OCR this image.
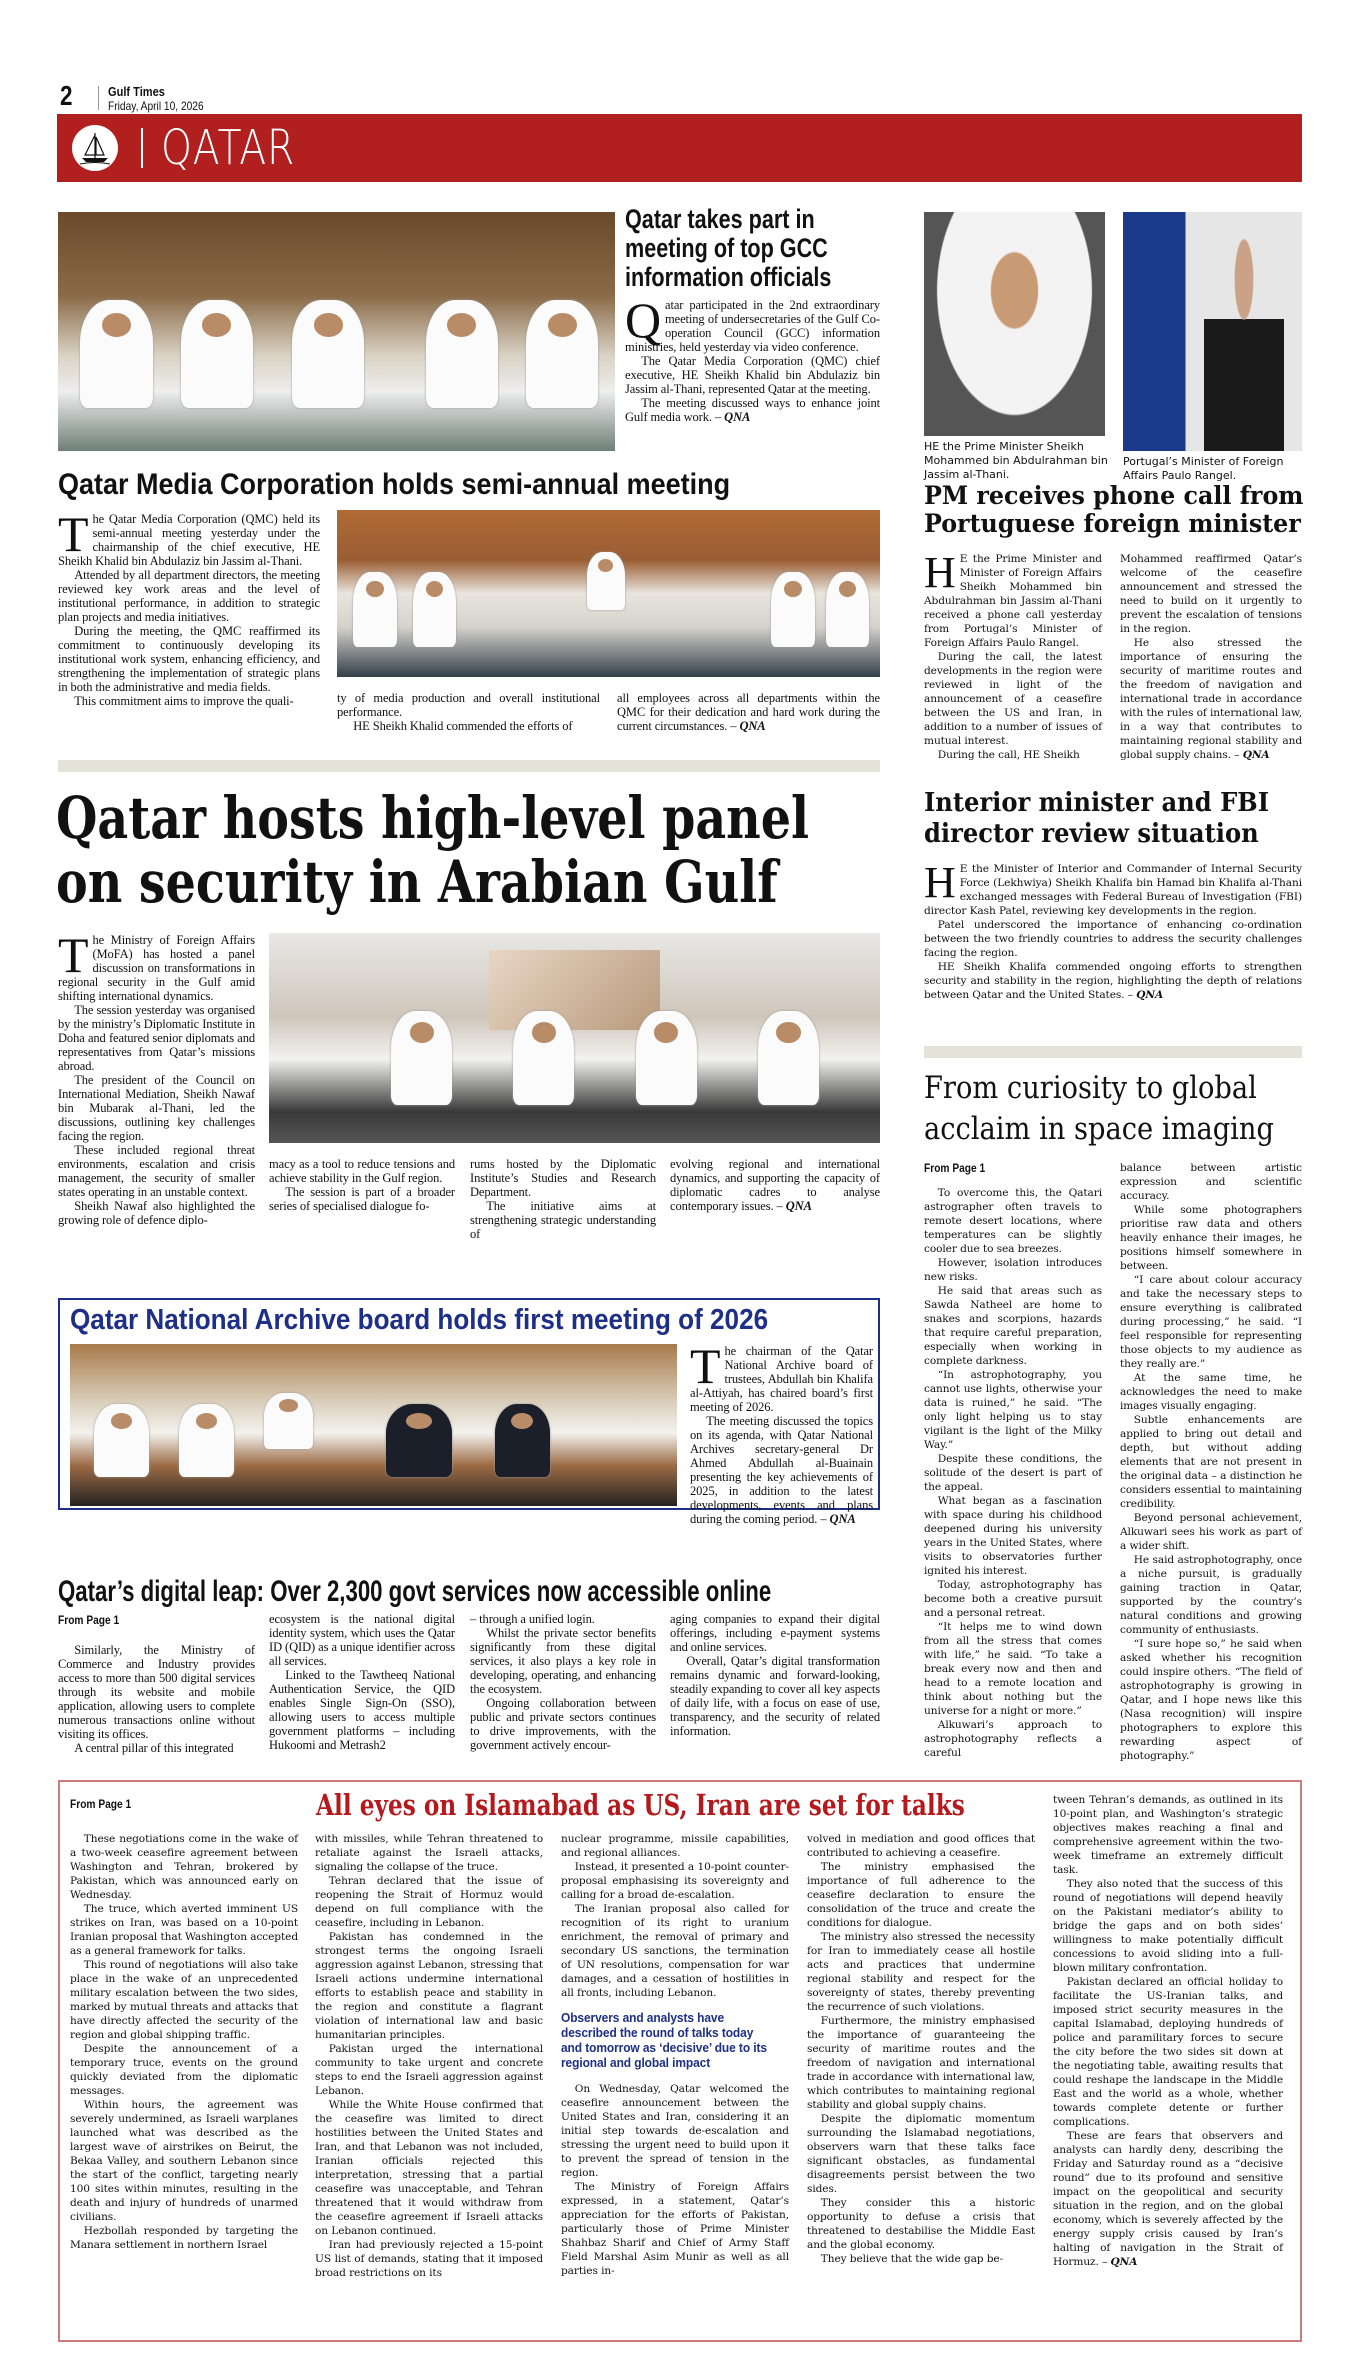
2	Gulf Times
Friday, April 10, 2026
QATAR
Qatar takes part in
meeting of top GCC
information officials

Qatar participated in the 2nd extraordinary meeting of undersecretaries of the Gulf Co-operation Council (GCC) information ministries, held yesterday via video conference.

The Qatar Media Corporation (QMC) chief executive, HE Sheikh Khalid bin Abdulaziz bin Jassim al-Thani, represented Qatar at the meeting.

The meeting discussed ways to enhance joint Gulf media work. – QNA

HE the Prime Minister Sheikh Mohammed bin Abdulrahman bin Jassim al-Thani.
Portugal’s Minister of Foreign Affairs Paulo Rangel.
Qatar Media Corporation holds semi-annual meeting

The Qatar Media Corporation (QMC) held its semi-annual meeting yesterday under the chairmanship of the chief executive, HE Sheikh Khalid bin Abdulaziz bin Jassim al-Thani.

Attended by all department directors, the meeting reviewed key work areas and the level of institutional performance, in addition to strategic plan projects and media initiatives.

During the meeting, the QMC reaffirmed its commitment to continuously developing its institutional work system, enhancing efficiency, and strengthening the implementation of strategic plans in both the administrative and media fields.

This commitment aims to improve the quali-	ty of media production and overall institutional performance.

HE Sheikh Khalid commended the efforts of

all employees across all departments within the QMC for their dedication and hard work during the current circumstances. – QNA

PM receives phone call from
Portuguese foreign minister

HE the Prime Minister and Minister of Foreign Affairs Sheikh Mohammed bin Abdulrahman bin Jassim al-Thani received a phone call yesterday from Portugal’s Minister of Foreign Affairs Paulo Rangel.

During the call, the latest developments in the region were reviewed in light of the announcement of a ceasefire between the US and Iran, in addition to a number of issues of mutual interest.

During the call, HE Sheikh

Mohammed reaffirmed Qatar’s welcome of the ceasefire announcement and stressed the need to build on it urgently to prevent the escalation of tensions in the region.

He also stressed the importance of ensuring the security of maritime routes and the freedom of navigation and international trade in accordance with the rules of international law, in a way that contributes to maintaining regional stability and global supply chains. – QNA

Interior minister and FBI
director review situation

HE the Minister of Interior and Commander of Internal Security Force (Lekhwiya) Sheikh Khalifa bin Hamad bin Khalifa al-Thani exchanged messages with Federal Bureau of Investigation (FBI) director Kash Patel, reviewing key developments in the region.

Patel underscored the importance of enhancing co-ordination between the two friendly countries to address the security challenges facing the region.

HE Sheikh Khalifa commended ongoing efforts to strengthen security and stability in the region, highlighting the depth of relations between Qatar and the United States. – QNA

Qatar hosts high-level panel
on security in Arabian Gulf

The Ministry of Foreign Affairs (MoFA) has hosted a panel discussion on transformations in regional security in the Gulf amid shifting international dynamics.

The session yesterday was organised by the ministry’s Diplomatic Institute in Doha and featured senior diplomats and representatives from Qatar’s missions abroad.

The president of the Council on International Mediation, Sheikh Nawaf bin Mubarak al-Thani, led the discussions, outlining key challenges facing the region.

These included regional threat environments, escalation and crisis management, the security of smaller states operating in an unstable context.

Sheikh Nawaf also highlighted the growing role of defence diplo-

macy as a tool to reduce tensions and achieve stability in the Gulf region.

The session is part of a broader series of specialised dialogue fo-

rums hosted by the Diplomatic Institute’s Studies and Research Department.

The initiative aims at strengthening strategic understanding of

evolving regional and international dynamics, and supporting the capacity of diplomatic cadres to analyse contemporary issues. – QNA

Qatar National Archive board holds first meeting of 2026

The chairman of the Qatar National Archive board of trustees, Abdullah bin Khalifa al-Attiyah, has chaired board’s first meeting of 2026.

The meeting discussed the topics on its agenda, with Qatar National Archives secretary-general Dr Ahmed Abdullah al-Buainain presenting the key achievements of 2025, in addition to the latest developments, events and plans during the coming period. – QNA

Qatar’s digital leap: Over 2,300 govt services now accessible online
From Page 1

Similarly, the Ministry of Commerce and Industry provides access to more than 500 digital services through its website and mobile application, allowing users to complete numerous transactions online without visiting its offices.

A central pillar of this integrated

ecosystem is the national digital identity system, which uses the Qatar ID (QID) as a unique identifier across all services.

Linked to the Tawtheeq National Authentication Service, the QID enables Single Sign-On (SSO), allowing users to access multiple government platforms – including Hukoomi and Metrash2

– through a unified login.

Whilst the private sector benefits significantly from these digital services, it also plays a key role in developing, operating, and enhancing the ecosystem.

Ongoing collaboration between public and private sectors continues to drive improvements, with the government actively encour-

aging companies to expand their digital offerings, including e-payment systems and online services.

Overall, Qatar’s digital transformation remains dynamic and forward-looking, steadily expanding to cover all key aspects of daily life, with a focus on ease of use, transparency, and the security of related information.

From curiosity to global
acclaim in space imaging
From Page 1

To overcome this, the Qatari astrographer often travels to remote desert locations, where temperatures can be slightly cooler due to sea breezes.

However, isolation introduces new risks.

He said that areas such as Sawda Natheel are home to snakes and scorpions, hazards that require careful preparation, especially when working in complete darkness.

“In astrophotography, you cannot use lights, otherwise your data is ruined,” he said. “The only light helping us to stay vigilant is the light of the Milky Way.”

Despite these conditions, the solitude of the desert is part of the appeal.

What began as a fascination with space during his childhood deepened during his university years in the United States, where visits to observatories further ignited his interest.

Today, astrophotography has become both a creative pursuit and a personal retreat.

“It helps me to wind down from all the stress that comes with life,” he said. “To take a break every now and then and head to a remote location and think about nothing but the universe for a night or more.”

Alkuwari’s approach to astrophotography reflects a careful

balance between artistic expression and scientific accuracy.

While some photographers prioritise raw data and others heavily enhance their images, he positions himself somewhere in between.

“I care about colour accuracy and take the necessary steps to ensure everything is calibrated during processing,” he said. “I feel responsible for representing those objects to my audience as they really are.”

At the same time, he acknowledges the need to make images visually engaging.

Subtle enhancements are applied to bring out detail and depth, but without adding elements that are not present in the original data – a distinction he considers essential to maintaining credibility.

Beyond personal achievement, Alkuwari sees his work as part of a wider shift.

He said astrophotography, once a niche pursuit, is gradually gaining traction in Qatar, supported by the country’s natural conditions and growing community of enthusiasts.

“I sure hope so,” he said when asked whether his recognition could inspire others. “The field of astrophotography is growing in Qatar, and I hope news like this (Nasa recognition) will inspire photographers to explore this rewarding aspect of photography.”

From Page 1	All eyes on Islamabad as US, Iran are set for talks

These negotiations come in the wake of a two-week ceasefire agreement between Washington and Tehran, brokered by Pakistan, which was announced early on Wednesday.

The truce, which averted imminent US strikes on Iran, was based on a 10-point Iranian proposal that Washington accepted as a general framework for talks.

This round of negotiations will also take place in the wake of an unprecedented military escalation between the two sides, marked by mutual threats and attacks that have directly affected the security of the region and global shipping traffic.

Despite the announcement of a temporary truce, events on the ground quickly deviated from the diplomatic messages.

Within hours, the agreement was severely undermined, as Israeli warplanes launched what was described as the largest wave of airstrikes on Beirut, the Bekaa Valley, and southern Lebanon since the start of the conflict, targeting nearly 100 sites within minutes, resulting in the death and injury of hundreds of unarmed civilians.

Hezbollah responded by targeting the Manara settlement in northern Israel

with missiles, while Tehran threatened to retaliate against the Israeli attacks, signaling the collapse of the truce.

Tehran declared that the issue of reopening the Strait of Hormuz would depend on full compliance with the ceasefire, including in Lebanon.

Pakistan has condemned in the strongest terms the ongoing Israeli aggression against Lebanon, stressing that Israeli actions undermine international efforts to establish peace and stability in the region and constitute a flagrant violation of international law and basic humanitarian principles.

Pakistan urged the international community to take urgent and concrete steps to end the Israeli aggression against Lebanon.

While the White House confirmed that the ceasefire was limited to direct hostilities between the United States and Iran, and that Lebanon was not included, Iranian officials rejected this interpretation, stressing that a partial ceasefire was unacceptable, and Tehran threatened that it would withdraw from the ceasefire agreement if Israeli attacks on Lebanon continued.

Iran had previously rejected a 15-point US list of demands, stating that it imposed broad restrictions on its

nuclear programme, missile capabilities, and regional alliances.

Instead, it presented a 10-point counter-proposal emphasising its sovereignty and calling for a broad de-escalation.

The Iranian proposal also called for recognition of its right to uranium enrichment, the removal of primary and secondary US sanctions, the termination of UN resolutions, compensation for war damages, and a cessation of hostilities in all fronts, including Lebanon.

Observers and analysts have described the round of talks today and tomorrow as ‘decisive’ due to its regional and global impact

On Wednesday, Qatar welcomed the ceasefire announcement between the United States and Iran, considering it an initial step towards de-escalation and stressing the urgent need to build upon it to prevent the spread of tension in the region.

The Ministry of Foreign Affairs expressed, in a statement, Qatar’s appreciation for the efforts of Pakistan, particularly those of Prime Minister Shahbaz Sharif and Chief of Army Staff Field Marshal Asim Munir as well as all parties in-

volved in mediation and good offices that contributed to achieving a ceasefire.

The ministry emphasised the importance of full adherence to the ceasefire declaration to ensure the consolidation of the truce and create the conditions for dialogue.

The ministry also stressed the necessity for Iran to immediately cease all hostile acts and practices that undermine regional stability and respect for the sovereignty of states, thereby preventing the recurrence of such violations.

Furthermore, the ministry emphasised the importance of guaranteeing the security of maritime routes and the freedom of navigation and international trade in accordance with international law, which contributes to maintaining regional stability and global supply chains.

Despite the diplomatic momentum surrounding the Islamabad negotiations, observers warn that these talks face significant obstacles, as fundamental disagreements persist between the two sides.

They consider this a historic opportunity to defuse a crisis that threatened to destabilise the Middle East and the global economy.

They believe that the wide gap be-

tween Tehran’s demands, as outlined in its 10-point plan, and Washington’s strategic objectives makes reaching a final and comprehensive agreement within the two-week timeframe an extremely difficult task.

They also noted that the success of this round of negotiations will depend heavily on the Pakistani mediator’s ability to bridge the gaps and on both sides’ willingness to make potentially difficult concessions to avoid sliding into a full-blown military confrontation.

Pakistan declared an official holiday to facilitate the US-Iranian talks, and imposed strict security measures in the capital Islamabad, deploying hundreds of police and paramilitary forces to secure the city before the two sides sit down at the negotiating table, awaiting results that could reshape the landscape in the Middle East and the world as a whole, whether towards complete detente or further complications.

These are fears that observers and analysts can hardly deny, describing the Friday and Saturday round as a “decisive round” due to its profound and sensitive impact on the geopolitical and security situation in the region, and on the global economy, which is severely affected by the energy supply crisis caused by Iran’s halting of navigation in the Strait of Hormuz. – QNA
